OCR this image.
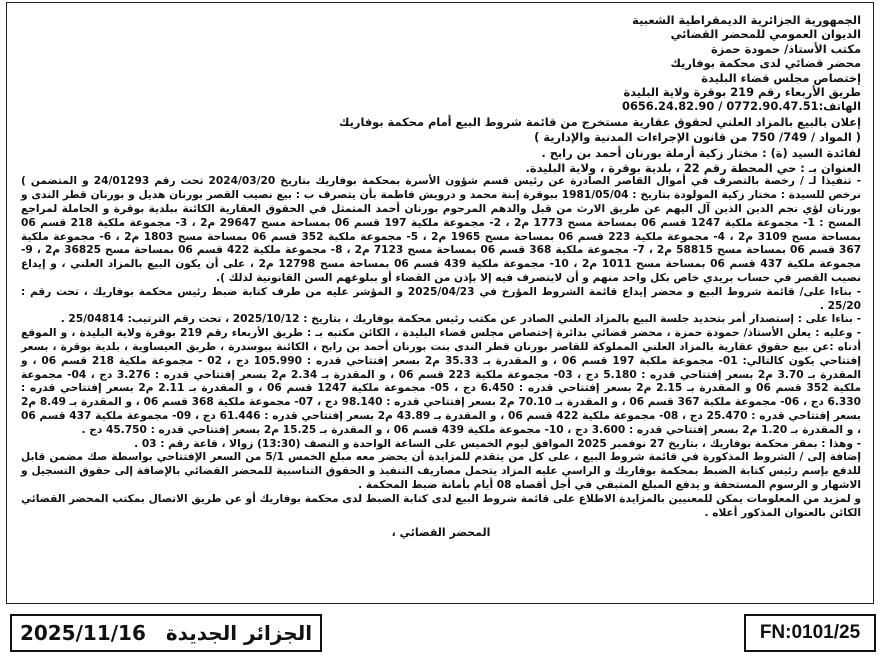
الجمهورية الجزائرية الديمقراطية الشعبية
الديوان العمومي للمحضر القضائي
مكتب الأستاذ/ حمودة حمزة
محضر قضائي لدى محكمة بوفاريك
إختصاص مجلس قضاء البليدة
طريق الأربعاء رقم 219 بوقرة ولاية البليدة
الهاتف:0772.90.47.51 / 0656.24.82.90
إعلان بالبيع بالمزاد العلني لحقوق عقارية مستخرج من قائمة شروط البيع أمام محكمة بوفاريك
( المواد / 749/ 750 من قانون الإجراءات المدنية والإدارية )
لفائدة السيد (ة) : مختار زكية أرملة بورنان أحمد بن رابح .
العنوان بـ : حي المحطة رقم 22 ، بلدية بوقرة ، ولاية البليدة.

- تنفيذا لـ / رخصة بالتصرف في أموال القاصر الصادرة عن رئيس قسم شؤون الأسرة بمحكمة بوفاريك بتاريخ 2024/03/20 تحت رقم 24/01293 و المتضمن ) نرخص للسيدة : مختار زكية المولودة بتاريخ : 1981/05/04 ببوقرة إبنة محمد و درويش فاطمة بأن يتصرف ب : بيع نصيب القصر بورنان هديل و بورنان قطر الندى و بورنان لؤي نجم الدين الذين آل اليهم عن طريق الارث من قبل والدهم المرحوم بورنان أحمد المتمثل في الحقوق العقارية الكائنة ببلدية بوقرة و الحاملة لمراجع المسح : 1- مجموعة ملكية 1247 قسم 06 بمساحة مسح 1773 م2 ، 2- مجموعة ملكية 197 قسم 06 بمساحة مسح 29647 م2 ، 3- مجموعة ملكية 218 قسم 06 بمساحة مسح 3109 م2 ، 4- مجموعة ملكية 223 قسم 06 بمساحة مسح 1965 م2 ، 5- مجموعة ملكية 352 قسم 06 بمساحة مسح 1803 م2 ، 6- مجموعة ملكية 367 قسم 06 بمساحة مسح 58815 م2 ، 7- مجموعة ملكية 368 قسم 06 بمساحة مسح 7123 م2 ، 8- مجموعة ملكية 422 قسم 06 بمساحة مسح 36825 م2 ، 9- مجموعة ملكية 437 قسم 06 بمساحة مسح 1011 م2 ، 10- مجموعة ملكية 439 قسم 06 بمساحة مسح 12798 م2 ، على أن يكون البيع بالمزاد العلني ، و إيداع نصيب القصر في حساب بريدي خاص بكل واحد منهم و أن لايتصرف فيه إلا بإذن من القضاء أو ببلوغهم السن القانونية لذلك ).

- بناءا على/ قائمة شروط البيع و محضر إيداع قائمة الشروط المؤرخ في 2025/04/23 و المؤشر عليه من طرف كتابة ضبط رئيس محكمة بوفاريك ، تحت رقم : 25/20 .

- بناءا على : إستصدار أمر بتحديد جلسة البيع بالمزاد العلني الصادر عن مكتب رئيس محكمة بوفاريك ، بتاريخ : 2025/10/12 ، تحت رقم الترتيب: 25/04814 .

- وعليه : يعلن الأستاذ/ حمودة حمزة ، محضر قضائي بدائرة إختصاص مجلس قضاء البليدة ، الكائن مكتبه بـ : طريق الأربعاء رقم 219 بوقرة ولاية البليدة ، و الموقع أدناه :عن بيع حقوق عقارية بالمزاد العلني المملوكة للقاصر بورنان قطر الندى بنت بورنان أحمد بن رابح ، الكائنة ببوسدرة ، طريق العيساوية ، بلدية بوقرة ، بسعر إفتتاحي يكون كالتالي: 01- مجموعة ملكية 197 قسم 06 ، و المقدرة بـ 35.33 م2 بسعر إفتتاحي قدره : 105.990 دج ، 02 - مجموعة ملكية 218 قسم 06 ، و المقدرة بـ 3.70 م2 بسعر إفتتاحي قدره : 5.180 دج ، 03- مجموعة ملكية 223 قسم 06 ، و المقدرة بـ 2.34 م2 بسعر إفتتاحي قدره : 3.276 دج ، 04- مجموعة ملكية 352 قسم 06 و المقدرة بـ 2.15 م2 بسعر إفتتاحي قدره : 6.450 دج ، 05- مجموعة ملكية 1247 قسم 06 ، و المقدرة بـ 2.11 م2 بسعر إفتتاحي قدره : 6.330 دج ، 06- مجموعة ملكية 367 قسم 06 ، و المقدرة بـ 70.10 م2 بسعر إفتتاحي قدره : 98.140 دج ، 07- مجموعة ملكية 368 قسم 06 ، و المقدرة بـ 8.49 م2 بسعر إفتتاحي قدره : 25.470 دج ، 08- مجموعة ملكية 422 قسم 06 ، و المقدرة بـ 43.89 م2 بسعر إفتتاحي قدره : 61.446 دج ، 09- مجموعة ملكية 437 قسم 06 ، و المقدرة بـ 1.20 م2 بسعر إفتتاحي قدره : 3.600 دج ، 10- مجموعة ملكية 439 قسم 06 ، و المقدرة بـ 15.25 م2 بسعر إفتتاحي قدره : 45.750 دج .

- وهذا : بمقر محكمة بوفاريك ، بتاريخ 27 نوفمبر 2025 الموافق ليوم الخميس على الساعة الواحدة و النصف (13:30) زوالا ، قاعة رقم : 03 .

إضافة إلى / الشروط المذكورة في قائمة شروط البيع ، على كل من يتقدم للمزايدة أن يحضر معه مبلغ الخمس 5/1 من السعر الإفتتاحي بواسطة صك مضمن قابل للدفع بإسم رئيس كتابة الضبط بمحكمة بوفاريك و الراسي عليه المزاد يتحمل مصاريف التنفيذ و الحقوق التناسبية للمحضر القضائي بالإضافة إلى حقوق التسجيل و الاشهار و الرسوم المستحقة و يدفع المبلغ المتبقي في أجل أقصاه 08 أيام بأمانة ضبط المحكمة .

و لمزيد من المعلومات يمكن للمعنيين بالمزايدة الاطلاع على قائمة شروط البيع لدى كتابة الضبط لدى محكمة بوفاريك أو عن طريق الاتصال بمكتب المحضر القضائي الكائن بالعنوان المذكور أعلاه .

المحضر القضائي ،
FN:0101/25
الجزائر الجديدة
2025/11/16
